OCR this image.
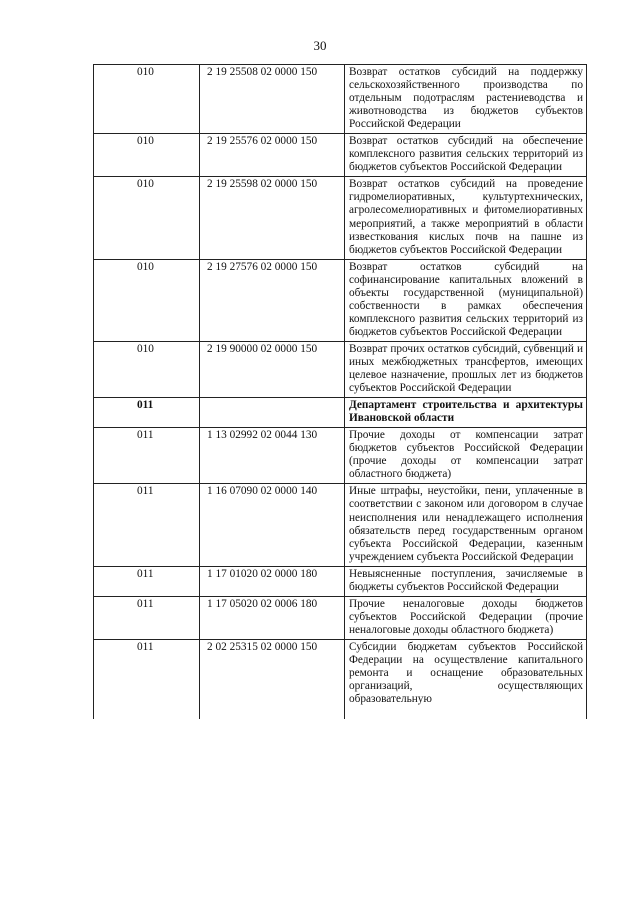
30
010	2 19 25508 02 0000 150	Возврат остатков субсидий на поддержку сельскохозяйственного производства по отдельным подотраслям растениеводства и животноводства из бюджетов субъектов Российской Федерации
010	2 19 25576 02 0000 150	Возврат остатков субсидий на обеспечение комплексного развития сельских территорий из бюджетов субъектов Российской Федерации
010	2 19 25598 02 0000 150	Возврат остатков субсидий на проведение гидромелиоративных, культуртехнических, агролесомелиоративных и фитомелиоративных мероприятий, а также мероприятий в области известкования кислых почв на пашне из бюджетов субъектов Российской Федерации
010	2 19 27576 02 0000 150	Возврат остатков субсидий на софинансирование капитальных вложений в объекты государственной (муниципальной) собственности в рамках обеспечения комплексного развития сельских территорий из бюджетов субъектов Российской Федерации
010	2 19 90000 02 0000 150	Возврат прочих остатков субсидий, субвенций и иных межбюджетных трансфертов, имеющих целевое назначение, прошлых лет из бюджетов субъектов Российской Федерации
011		Департамент строительства и архитектуры Ивановской области
011	1 13 02992 02 0044 130	Прочие доходы от компенсации затрат бюджетов субъектов Российской Федерации (прочие доходы от компенсации затрат областного бюджета)
011	1 16 07090 02 0000 140	Иные штрафы, неустойки, пени, уплаченные в соответствии с законом или договором в случае неисполнения или ненадлежащего исполнения обязательств перед государственным органом субъекта Российской Федерации, казенным учреждением субъекта Российской Федерации
011	1 17 01020 02 0000 180	Невыясненные поступления, зачисляемые в бюджеты субъектов Российской Федерации
011	1 17 05020 02 0006 180	Прочие неналоговые доходы бюджетов субъектов Российской Федерации (прочие неналоговые доходы областного бюджета)
011	2 02 25315 02 0000 150	Субсидии бюджетам субъектов Российской Федерации на осуществление капитального ремонта и оснащение образовательных организаций, осуществляющих образовательную
